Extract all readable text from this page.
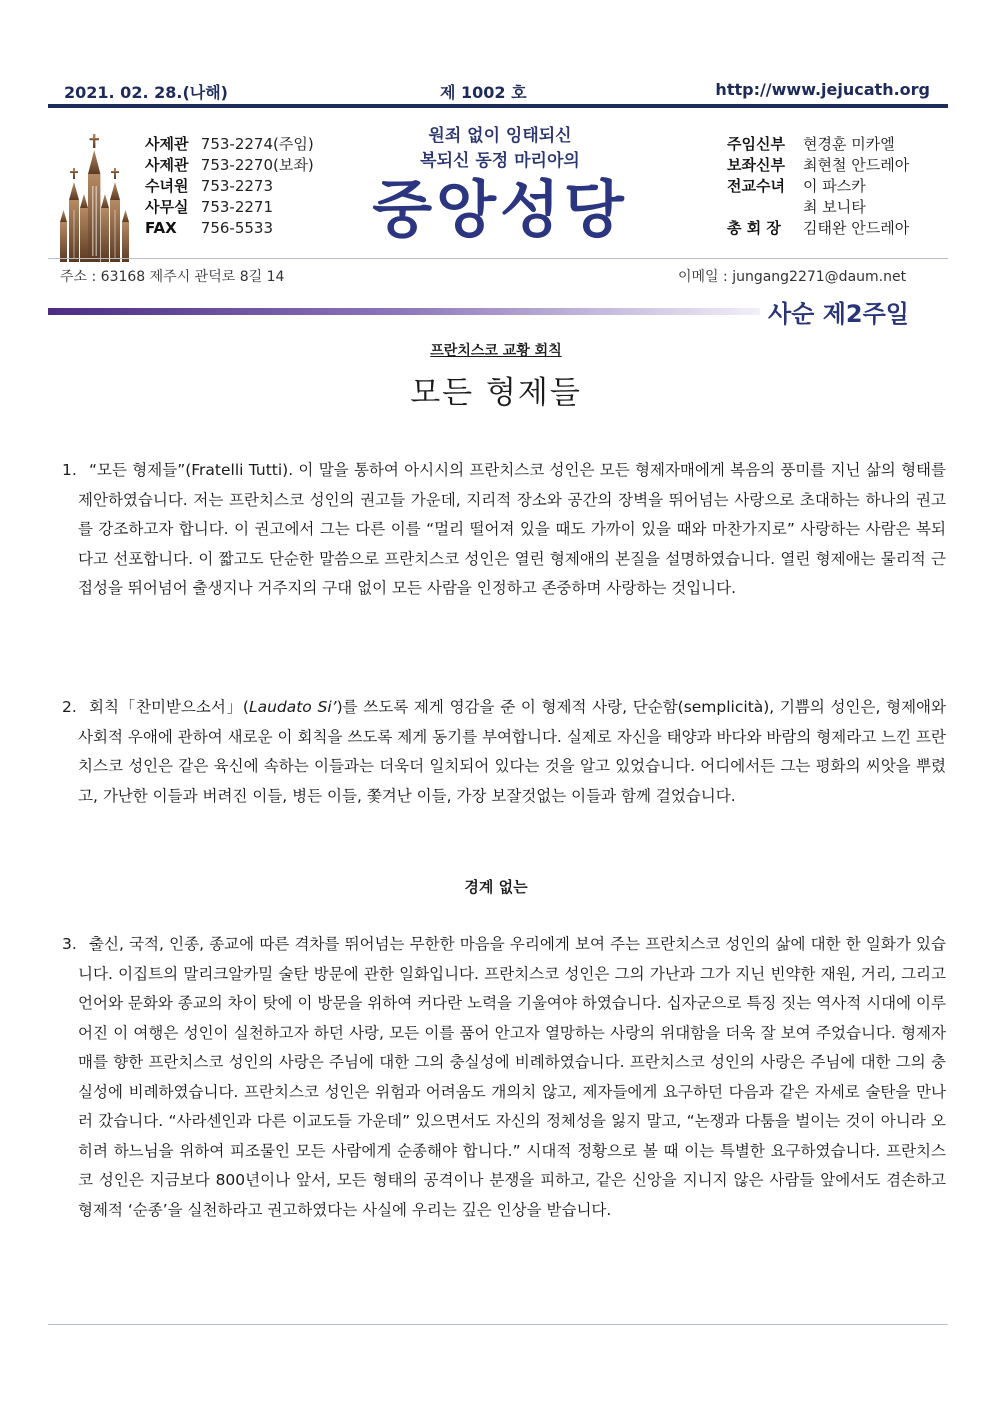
2021. 02. 28.(나해)	제 1002 호	http://www.jejucath.org
사제관 753-2274(주임)
사제관 753-2270(보좌)
수녀원 753-2273
사무실 753-2271
FAX 756-5533
원죄 없이 잉태되신
복되신 동정 마리아의
중앙성당
주임신부 현경훈 미카엘
보좌신부 최현철 안드레아
전교수녀 이 파스카
최 보니타
총 회 장 김태완 안드레아
주소 : 63168 제주시 관덕로 8길 14	이메일 : jungang2271@daum.net
사순 제2주일
프란치스코 교황 회칙
모든 형제들
1. “모든 형제들”(Fratelli Tutti). 이 말을 통하여 아시시의 프란치스코 성인은 모든 형제자매에게 복음의 풍미를 지닌 삶의 형태를 제안하였습니다. 저는 프란치스코 성인의 권고들 가운데, 지리적 장소와 공간의 장벽을 뛰어넘는 사랑으로 초대하는 하나의 권고를 강조하고자 합니다. 이 권고에서 그는 다른 이를 “멀리 떨어져 있을 때도 가까이 있을 때와 마찬가지로” 사랑하는 사람은 복되다고 선포합니다. 이 짧고도 단순한 말씀으로 프란치스코 성인은 열린 형제애의 본질을 설명하였습니다. 열린 형제애는 물리적 근접성을 뛰어넘어 출생지나 거주지의 구대 없이 모든 사람을 인정하고 존중하며 사랑하는 것입니다.
2. 회칙「찬미받으소서」(Laudato Si’)를 쓰도록 제게 영감을 준 이 형제적 사랑, 단순함(semplicità), 기쁨의 성인은, 형제애와 사회적 우애에 관하여 새로운 이 회칙을 쓰도록 제게 동기를 부여합니다. 실제로 자신을 태양과 바다와 바람의 형제라고 느낀 프란치스코 성인은 같은 육신에 속하는 이들과는 더욱더 일치되어 있다는 것을 알고 있었습니다. 어디에서든 그는 평화의 씨앗을 뿌렸고, 가난한 이들과 버려진 이들, 병든 이들, 쫓겨난 이들, 가장 보잘것없는 이들과 함께 걸었습니다.
경계 없는
3. 출신, 국적, 인종, 종교에 따른 격차를 뛰어넘는 무한한 마음을 우리에게 보여 주는 프란치스코 성인의 삶에 대한 한 일화가 있습니다. 이집트의 말리크알카밀 술탄 방문에 관한 일화입니다. 프란치스코 성인은 그의 가난과 그가 지닌 빈약한 재원, 거리, 그리고 언어와 문화와 종교의 차이 탓에 이 방문을 위하여 커다란 노력을 기울여야 하였습니다. 십자군으로 특징 짓는 역사적 시대에 이루어진 이 여행은 성인이 실천하고자 하던 사랑, 모든 이를 품어 안고자 열망하는 사랑의 위대함을 더욱 잘 보여 주었습니다. 형제자매를 향한 프란치스코 성인의 사랑은 주님에 대한 그의 충실성에 비례하였습니다. 프란치스코 성인의 사랑은 주님에 대한 그의 충실성에 비례하였습니다. 프란치스코 성인은 위험과 어려움도 개의치 않고, 제자들에게 요구하던 다음과 같은 자세로 술탄을 만나러 갔습니다. “사라센인과 다른 이교도들 가운데” 있으면서도 자신의 정체성을 잃지 말고, “논쟁과 다툼을 벌이는 것이 아니라 오히려 하느님을 위하여 피조물인 모든 사람에게 순종해야 합니다.” 시대적 정황으로 볼 때 이는 특별한 요구하였습니다. 프란치스코 성인은 지금보다 800년이나 앞서, 모든 형태의 공격이나 분쟁을 피하고, 같은 신앙을 지니지 않은 사람들 앞에서도 겸손하고 형제적 ‘순종’을 실천하라고 권고하였다는 사실에 우리는 깊은 인상을 받습니다.
